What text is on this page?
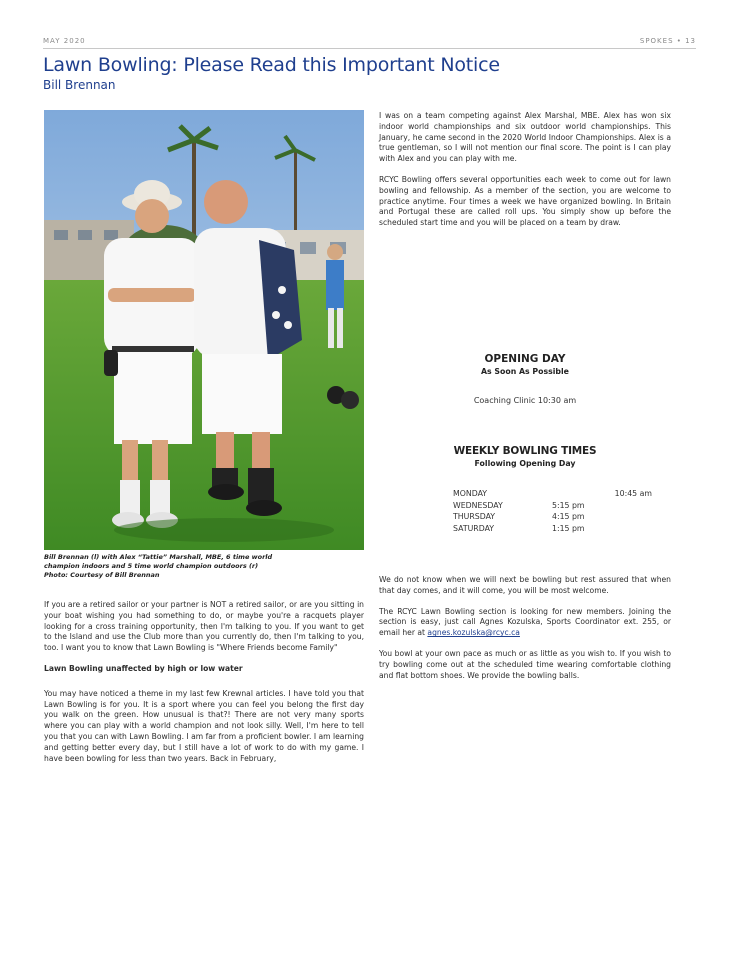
MAY 2020	SPOKES • 13
Lawn Bowling: Please Read this Important Notice
Bill Brennan
Bill Brennan (l) with Alex “Tattie” Marshall, MBE, 6 time world
champion indoors and 5 time world champion outdoors (r)
Photo: Courtesy of Bill Brennan

If you are a retired sailor or your partner is NOT a retired sailor, or are you sitting in your boat wishing you had something to do, or maybe you're a racquets player looking for a cross training opportunity, then I'm talking to you. If you want to get to the Island and use the Club more than you currently do, then I'm talking to you, too. I want you to know that Lawn Bowling is "Where Friends become Family"

Lawn Bowling unaffected by high or low water

You may have noticed a theme in my last few Krewnal articles. I have told you that Lawn Bowling is for you. It is a sport where you can feel you belong the first day you walk on the green. How unusual is that?! There are not very many sports where you can play with a world champion and not look silly. Well, I'm here to tell you that you can with Lawn Bowling. I am far from a proficient bowler. I am learning and getting better every day, but I still have a lot of work to do with my game. I have been bowling for less than two years. Back in February,

I was on a team competing against Alex Marshal, MBE. Alex has won six indoor world championships and six outdoor world championships. This January, he came second in the 2020 World Indoor Championships. Alex is a true gentleman, so I will not mention our final score. The point is I can play with Alex and you can play with me.

RCYC Bowling offers several opportunities each week to come out for lawn bowling and fellowship. As a member of the section, you are welcome to practice anytime. Four times a week we have organized bowling. In Britain and Portugal these are called roll ups. You simply show up before the scheduled start time and you will be placed on a team by draw.

OPENING DAY
As Soon As Possible
Coaching Clinic 10:30 am
WEEKLY BOWLING TIMES
Following Opening Day
MONDAY	10:45 am
WEDNESDAY	5:15 pm
THURSDAY	4:15 pm
SATURDAY	1:15 pm

We do not know when we will next be bowling but rest assured that when that day comes, and it will come, you will be most welcome.

The RCYC Lawn Bowling section is looking for new members. Joining the section is easy, just call Agnes Kozulska, Sports Coordinator ext. 255, or email her at agnes.kozulska@rcyc.ca

You bowl at your own pace as much or as little as you wish to. If you wish to try bowling come out at the scheduled time wearing comfortable clothing and flat bottom shoes. We provide the bowling balls.
